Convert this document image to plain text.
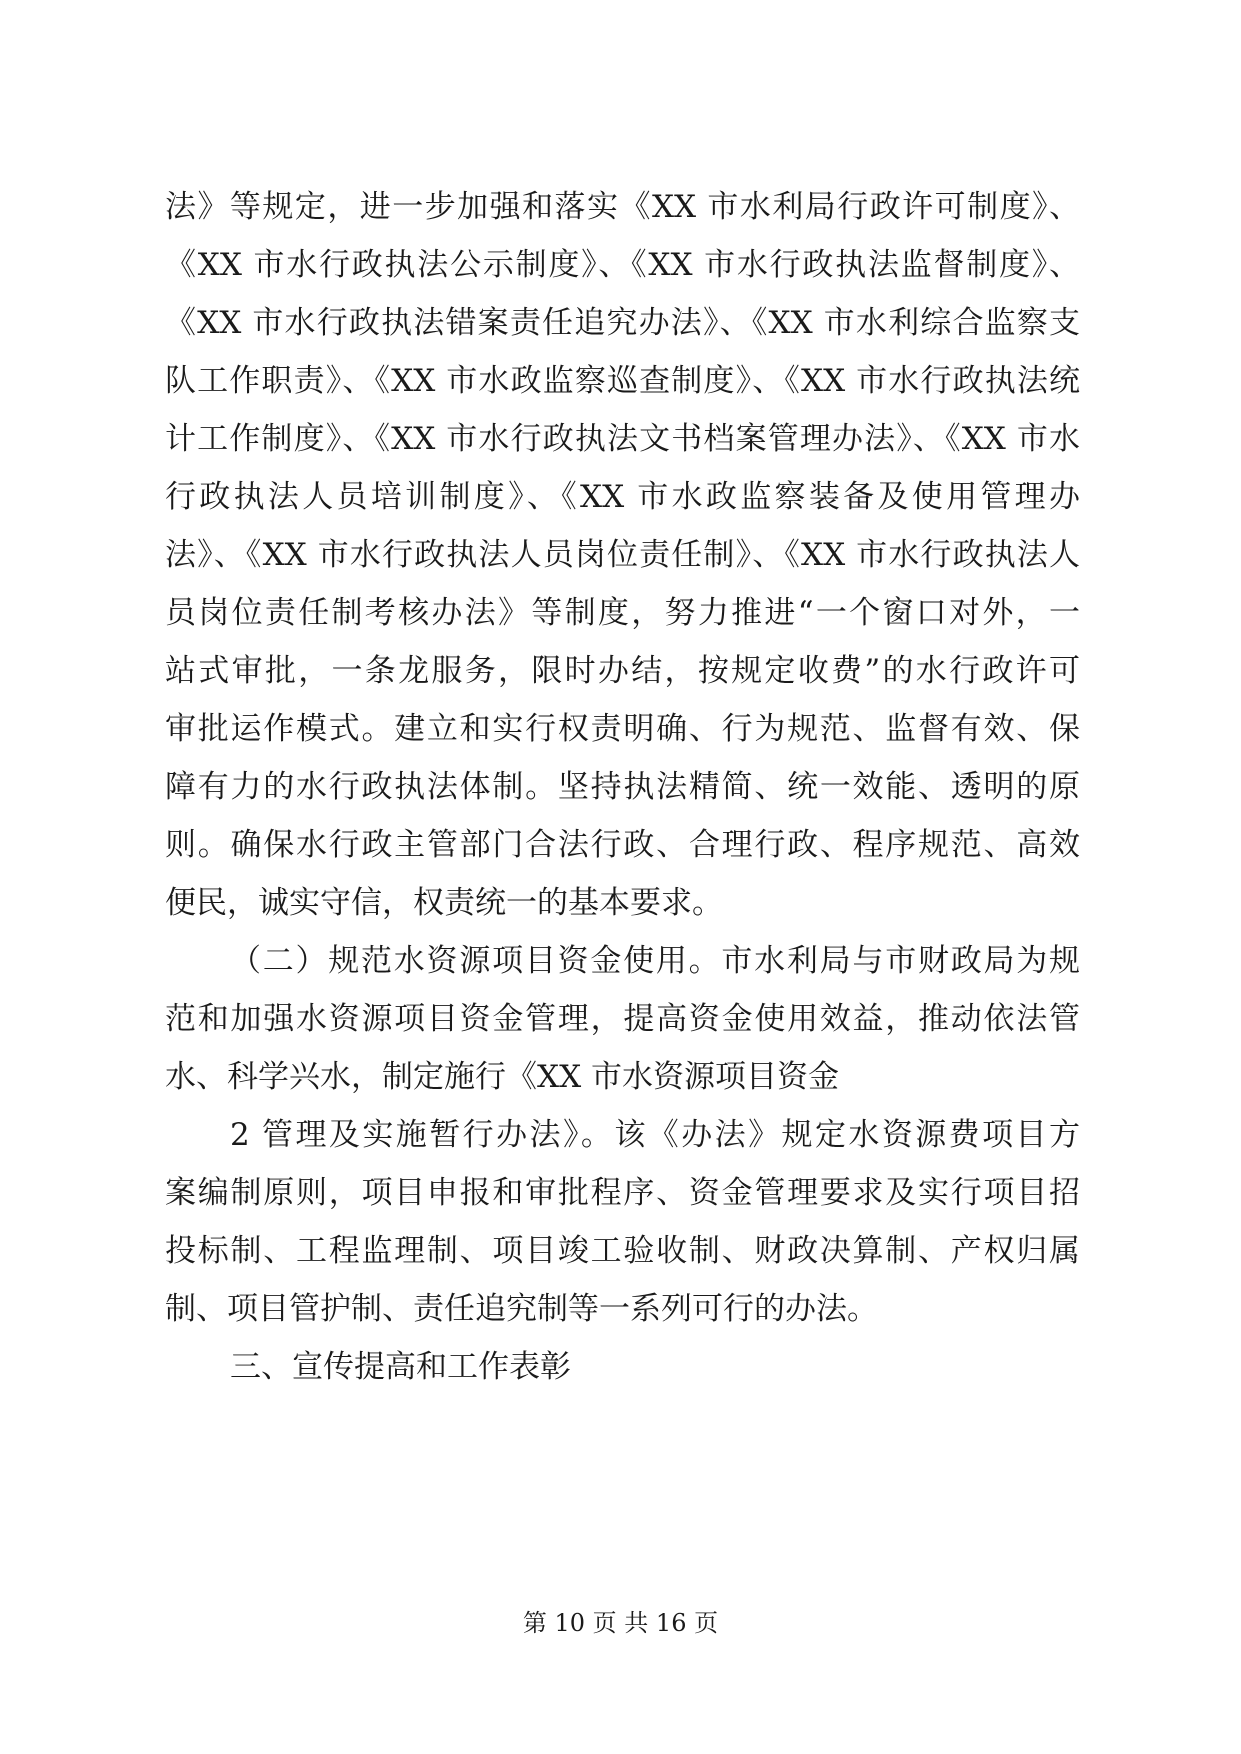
法》等规定，进一步加强和落实《XX 市水利局行政许可制度》、
《XX 市水行政执法公示制度》、《XX 市水行政执法监督制度》、
《XX 市水行政执法错案责任追究办法》、《XX 市水利综合监察支
队工作职责》、《XX 市水政监察巡查制度》、《XX 市水行政执法统
计工作制度》、《XX 市水行政执法文书档案管理办法》、《XX 市水
行政执法人员培训制度》、《XX 市水政监察装备及使用管理办
法》、《XX 市水行政执法人员岗位责任制》、《XX 市水行政执法人
员岗位责任制考核办法》等制度，努力推进“一个窗口对外，一
站式审批，一条龙服务，限时办结，按规定收费”的水行政许可
审批运作模式。建立和实行权责明确、行为规范、监督有效、保
障有力的水行政执法体制。坚持执法精简、统一效能、透明的原
则。确保水行政主管部门合法行政、合理行政、程序规范、高效
便民，诚实守信，权责统一的基本要求。
（二）规范水资源项目资金使用。市水利局与市财政局为规
范和加强水资源项目资金管理，提高资金使用效益，推动依法管
水、科学兴水，制定施行《XX 市水资源项目资金
2 管理及实施暂行办法》。该《办法》规定水资源费项目方
案编制原则，项目申报和审批程序、资金管理要求及实行项目招
投标制、工程监理制、项目竣工验收制、财政决算制、产权归属
制、项目管护制、责任追究制等一系列可行的办法。
三、宣传提高和工作表彰
第 10 页 共 16 页
